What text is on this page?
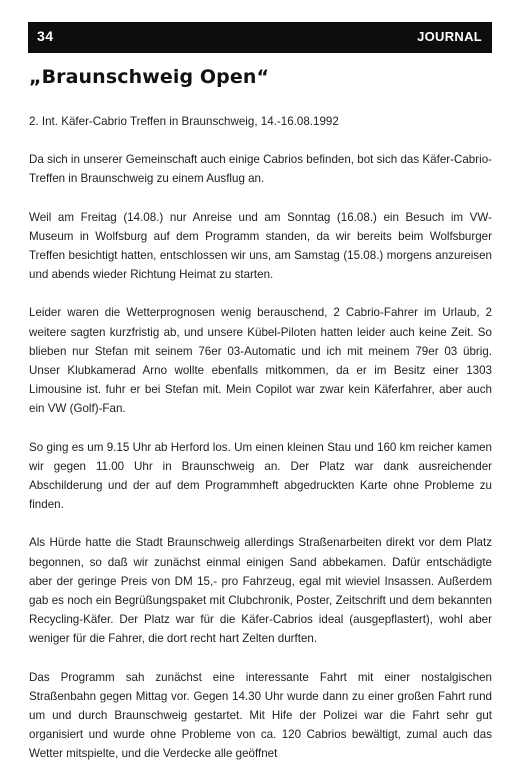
34	JOURNAL
„Braunschweig Open“

2. Int. Käfer-Cabrio Treffen in Braunschweig, 14.-16.08.1992

Da sich in unserer Gemeinschaft auch einige Cabrios befinden, bot sich das Käfer-Cabrio-Treffen in Braunschweig zu einem Ausflug an.

Weil am Freitag (14.08.) nur Anreise und am Sonntag (16.08.) ein Besuch im VW-Museum in Wolfsburg auf dem Programm standen, da wir bereits beim Wolfsburger Treffen besichtigt hatten, entschlossen wir uns, am Samstag (15.08.) morgens anzureisen und abends wieder Richtung Heimat zu starten.

Leider waren die Wetterprognosen wenig berauschend, 2 Cabrio-Fahrer im Urlaub, 2 weitere sagten kurzfristig ab, und unsere Kübel-Piloten hatten leider auch keine Zeit. So blieben nur Stefan mit seinem 76er 03-Automatic und ich mit meinem 79er 03 übrig. Unser Klubkamerad Arno wollte ebenfalls mitkommen, da er im Besitz einer 1303 Limousine ist. fuhr er bei Stefan mit. Mein Copilot war zwar kein Käferfahrer, aber auch ein VW (Golf)-Fan.

So ging es um 9.15 Uhr ab Herford los. Um einen kleinen Stau und 160 km reicher kamen wir gegen 11.00 Uhr in Braunschweig an. Der Platz war dank ausreichender Abschilderung und der auf dem Programmheft abgedruckten Karte ohne Probleme zu finden.

Als Hürde hatte die Stadt Braunschweig allerdings Straßenarbeiten direkt vor dem Platz begonnen, so daß wir zunächst einmal einigen Sand abbekamen. Dafür entschädigte aber der geringe Preis von DM 15,- pro Fahrzeug, egal mit wieviel Insassen. Außerdem gab es noch ein Begrüßungspaket mit Clubchronik, Poster, Zeitschrift und dem bekannten Recycling-Käfer. Der Platz war für die Käfer-Cabrios ideal (ausgepflastert), wohl aber weniger für die Fahrer, die dort recht hart Zelten durften.

Das Programm sah zunächst eine interessante Fahrt mit einer nostalgischen Straßenbahn gegen Mittag vor. Gegen 14.30 Uhr wurde dann zu einer großen Fahrt rund um und durch Braunschweig gestartet. Mit Hife der Polizei war die Fahrt sehr gut organisiert und wurde ohne Probleme von ca. 120 Cabrios bewältigt, zumal auch das Wetter mitspielte, und die Verdecke alle geöffnet
